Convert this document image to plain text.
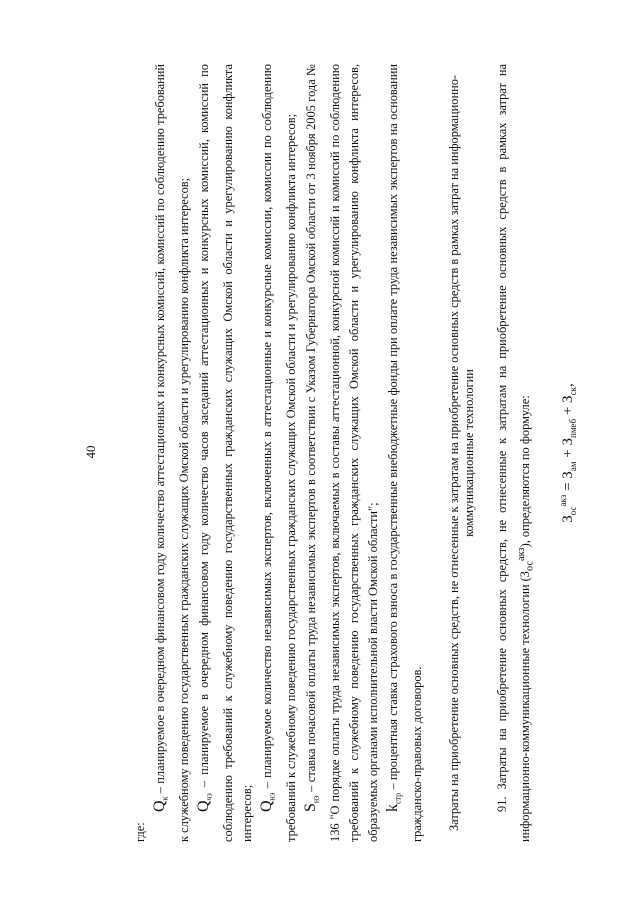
40

где:

$Q_к$ – планируемое в очередном финансовом году количество аттестационных и конкурсных комиссий, комиссий по соблюдению требований к служебному поведению государственных гражданских служащих Омской области и урегулированию конфликта интересов; $Q_{чз}$ – планируемое в очередном финансовом году количество часов заседаний аттестационных и конкурсных комиссий, комиссий по соблюдению требований к служебному поведению государственных гражданских служащих Омской области и урегулированию конфликта интересов; $Q_{нэ}$ – планируемое количество независимых экспертов, включенных в аттестационные и конкурсные комиссии, комиссии по соблюдению требований к служебному поведению государственных гражданских служащих Омской области и урегулированию конфликта интересов; $S_{нэ}$ – ставка почасовой оплаты труда независимых экспертов в соответствии с Указом Губернатора Омской области от 3 ноября 2005 года № 136 "О порядке оплаты труда независимых экспертов, включаемых в составы аттестационной, конкурсной комиссий и комиссий по соблюдению требований к служебному поведению государственных гражданских служащих Омской области и урегулированию конфликта интересов, образуемых органами исполнительной власти Омской области"; $k_{стр}$ – процентная ставка страхового взноса в государственные внебюджетные фонды при оплате труда независимых экспертов на основании гражданско-правовых договоров. Затраты на приобретение основных средств, не отнесенные к затратам на приобретение основных средств в рамках затрат на информационно-коммуникационные технологии 91. Затраты на приобретение основных средств, не отнесенные к затратам на приобретение основных средств в рамках затрат на информационно-коммуникационные технологии $(З_{ос}^{акз})$, определяются по формуле:	$З_{ос}^{акз} = З_{ам} + З_{пмеб} + З_{ск}$,
